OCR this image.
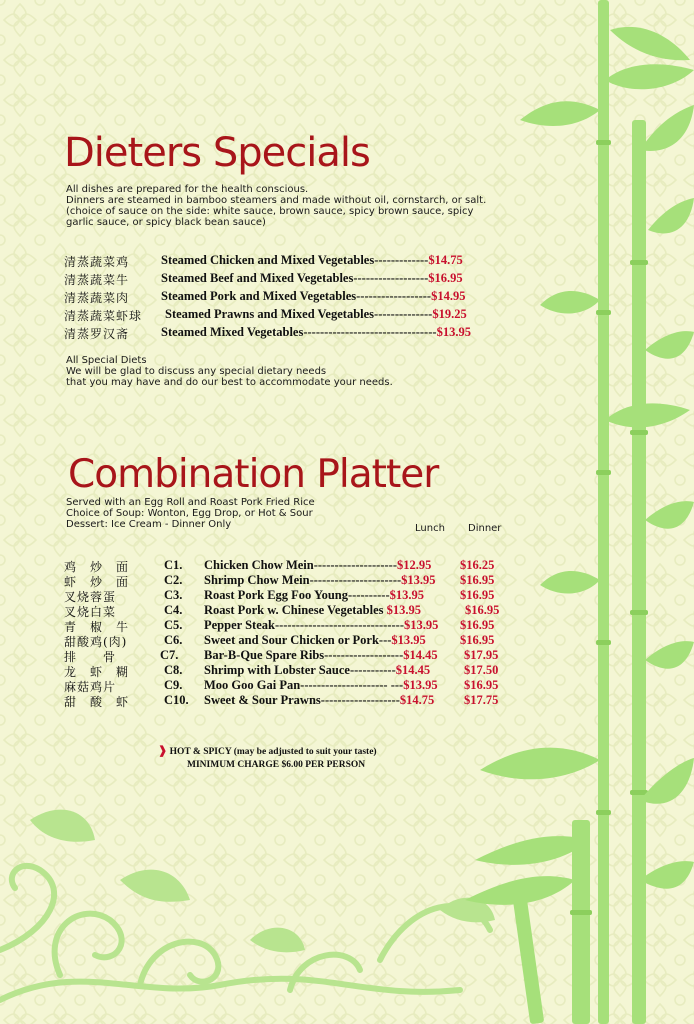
Dieters Specials
All dishes are prepared for the health conscious.
Dinners are steamed in bamboo steamers and made without oil, cornstarch, or salt.
(choice of sauce on the side: white sauce, brown sauce, spicy brown sauce, spicy
garlic sauce, or spicy black bean sauce)
清蒸蔬菜鸡	Steamed Chicken and Mixed Vegetables-------------$14.75
清蒸蔬菜牛	Steamed Beef and Mixed Vegetables------------------$16.95
清蒸蔬菜肉	Steamed Pork and Mixed Vegetables------------------$14.95
清蒸蔬菜虾球 Steamed Prawns and Mixed Vegetables--------------$19.25
清蒸罗汉斋	Steamed Mixed Vegetables--------------------------------$13.95
All Special Diets
We will be glad to discuss any special dietary needs
that you may have and do our best to accommodate your needs.
Combination Platter
Served with an Egg Roll and Roast Pork Fried Rice
Choice of Soup: Wonton, Egg Drop, or Hot & Sour
Dessert: Ice Cream - Dinner Only	Lunch Dinner
鸡　炒　面	C1. Chicken Chow Mein--------------------$12.95 $16.25
虾　炒　面	C2. Shrimp Chow Mein----------------------$13.95 $16.95
叉烧蓉蛋	C3. Roast Pork Egg Foo Young----------$13.95	$16.95
叉烧白菜	C4. Roast Pork w. Chinese Vegetables $13.95	$16.95
青　椒　牛	C5. Pepper Steak-------------------------------$13.95 $16.95
甜酸鸡(肉)	C6. Sweet and Sour Chicken or Pork---$13.95	$16.95
排　　骨	C7. Bar-B-Que Spare Ribs-------------------$14.45 $17.95
龙　虾　糊	C8. Shrimp with Lobster Sauce-----------$14.45	$17.50
麻菇鸡片	C9. Moo Goo Gai Pan--------------------- ---$13.95 $16.95
甜　酸　虾	C10. Sweet & Sour Prawns-------------------$14.75 $17.75
❱ HOT & SPICY (may be adjusted to suit your taste)
MINIMUM CHARGE $6.00 PER PERSON
